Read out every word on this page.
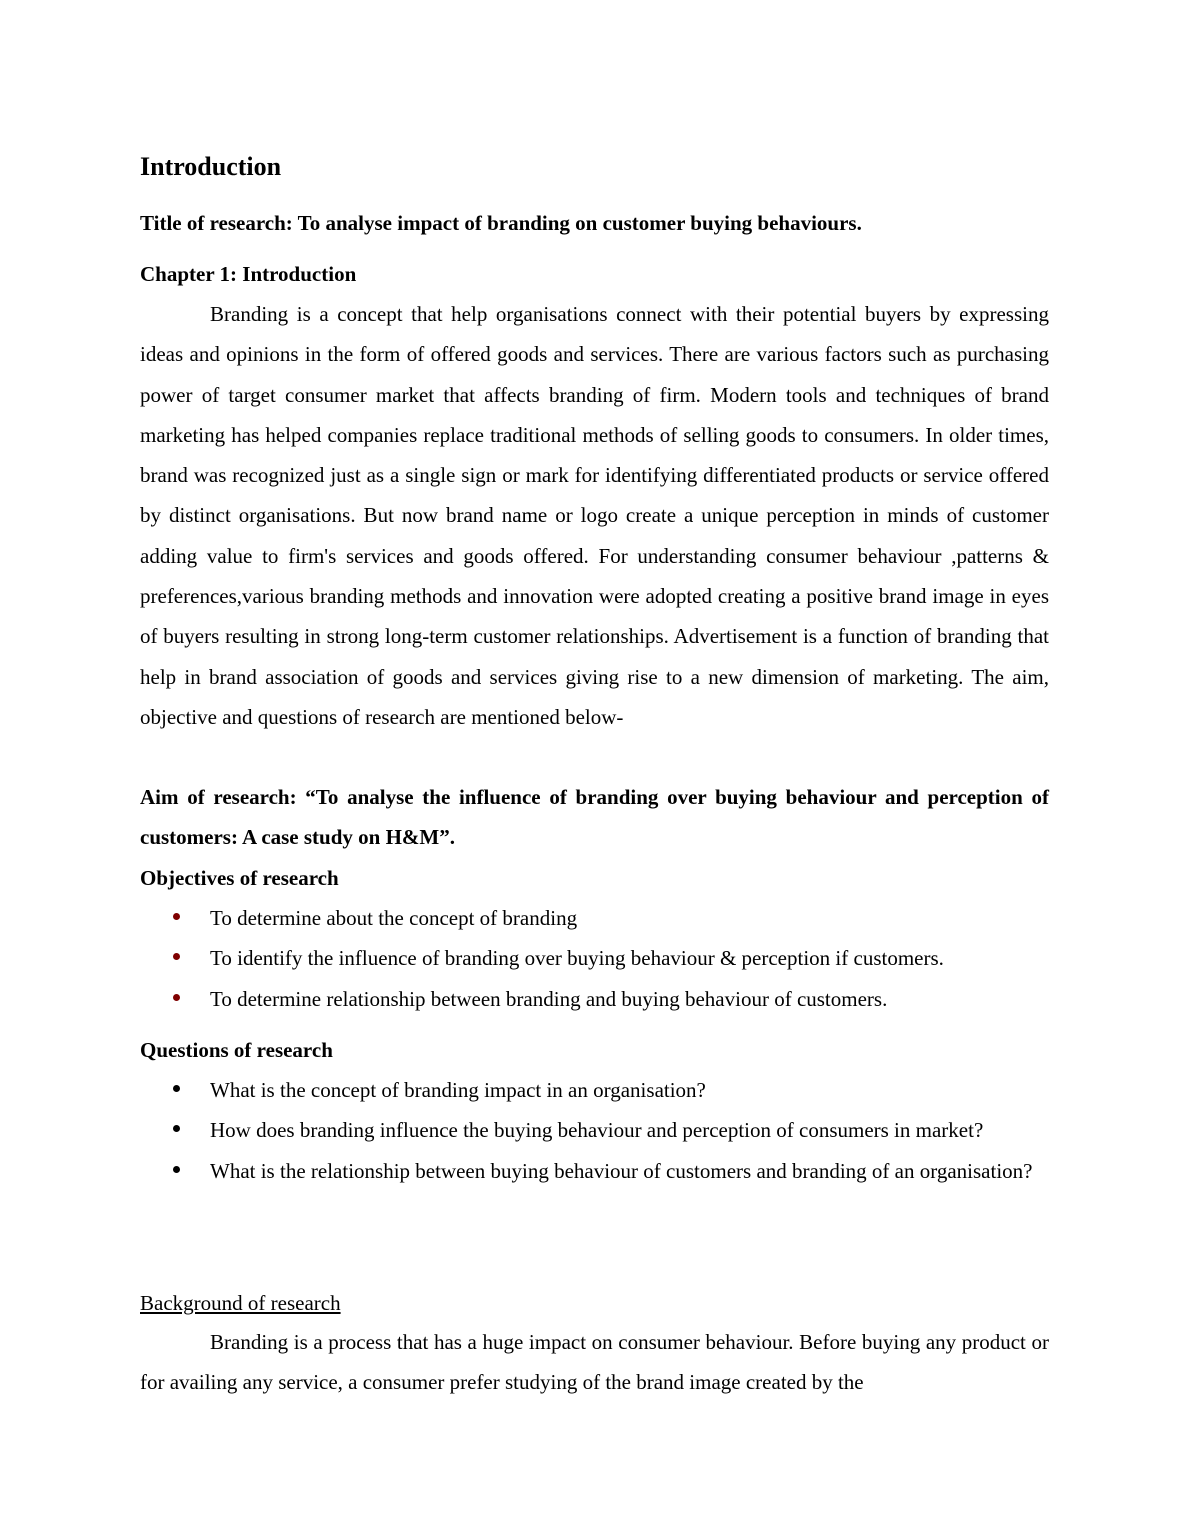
Introduction

Title of research: To analyse impact of branding on customer buying behaviours.

Chapter 1: Introduction

Branding is a concept that help organisations connect with their potential buyers by expressing ideas and opinions in the form of offered goods and services. There are various factors such as purchasing power of target consumer market that affects branding of firm. Modern tools and techniques of brand marketing has helped companies replace traditional methods of selling goods to consumers. In older times, brand was recognized just as a single sign or mark for identifying differentiated products or service offered by distinct organisations. But now brand name or logo create a unique perception in minds of customer adding value to firm's services and goods offered. For understanding consumer behaviour ,patterns & preferences,various branding methods and innovation were adopted creating a positive brand image in eyes of buyers resulting in strong long-term customer relationships. Advertisement is a function of branding that help in brand association of goods and services giving rise to a new dimension of marketing. The aim, objective and questions of research are mentioned below-

Aim of research: “To analyse the influence of branding over buying behaviour and perception of customers: A case study on H&M”.

Objectives of research

To determine about the concept of branding
To identify the influence of branding over buying behaviour & perception if customers.
To determine relationship between branding and buying behaviour of customers.

Questions of research

What is the concept of branding impact in an organisation?
How does branding influence the buying behaviour and perception of consumers in market?
What is the relationship between buying behaviour of customers and branding of an organisation?

Background of research

Branding is a process that has a huge impact on consumer behaviour. Before buying any product or for availing any service, a consumer prefer studying of the brand image created by the
